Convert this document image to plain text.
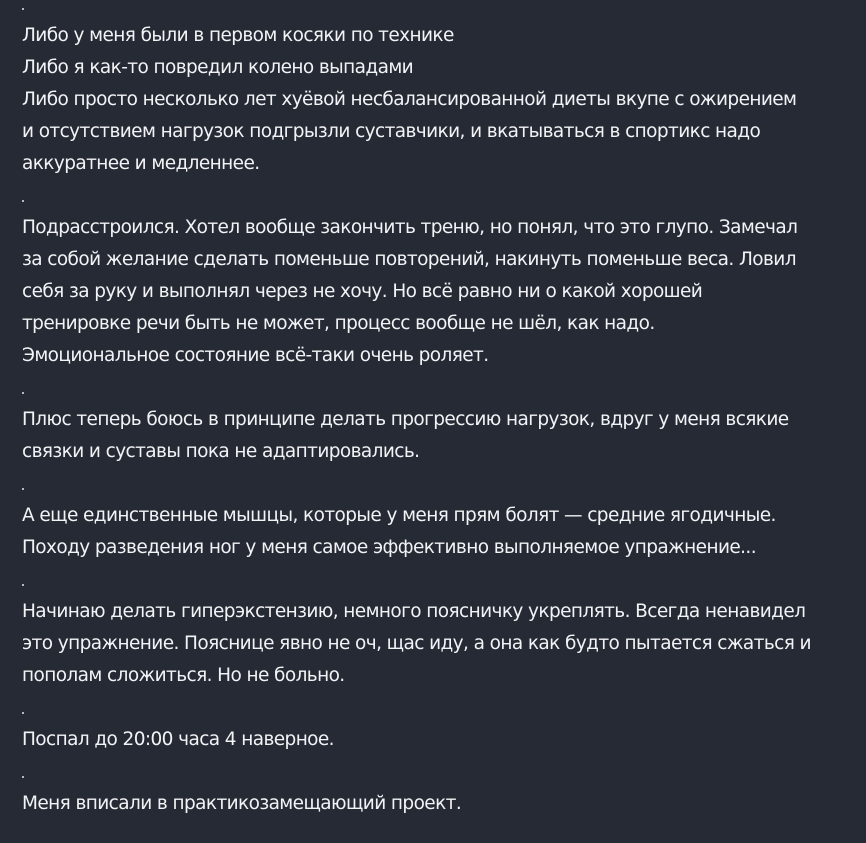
Либо у меня были в первом косяки по технике
Либо я как-то повредил колено выпадами
Либо просто несколько лет хуёвой несбалансированной диеты вкупе с ожирением
и отсутствием нагрузок подгрызли суставчики, и вкатываться в спортикс надо
аккуратнее и медленнее.
Подрасстроился. Хотел вообще закончить треню, но понял, что это глупо. Замечал
за собой желание сделать поменьше повторений, накинуть поменьше веса. Ловил
себя за руку и выполнял через не хочу. Но всё равно ни о какой хорошей
тренировке речи быть не может, процесс вообще не шёл, как надо.
Эмоциональное состояние всё-таки очень роляет.
Плюс теперь боюсь в принципе делать прогрессию нагрузок, вдруг у меня всякие
связки и суставы пока не адаптировались.
А еще единственные мышцы, которые у меня прям болят — средние ягодичные.
Походу разведения ног у меня самое эффективно выполняемое упражнение...
Начинаю делать гиперэкстензию, немного поясничку укреплять. Всегда ненавидел
это упражнение. Пояснице явно не оч, щас иду, а она как будто пытается сжаться и
пополам сложиться. Но не больно.
Поспал до 20:00 часа 4 наверное.
Меня вписали в практикозамещающий проект.
